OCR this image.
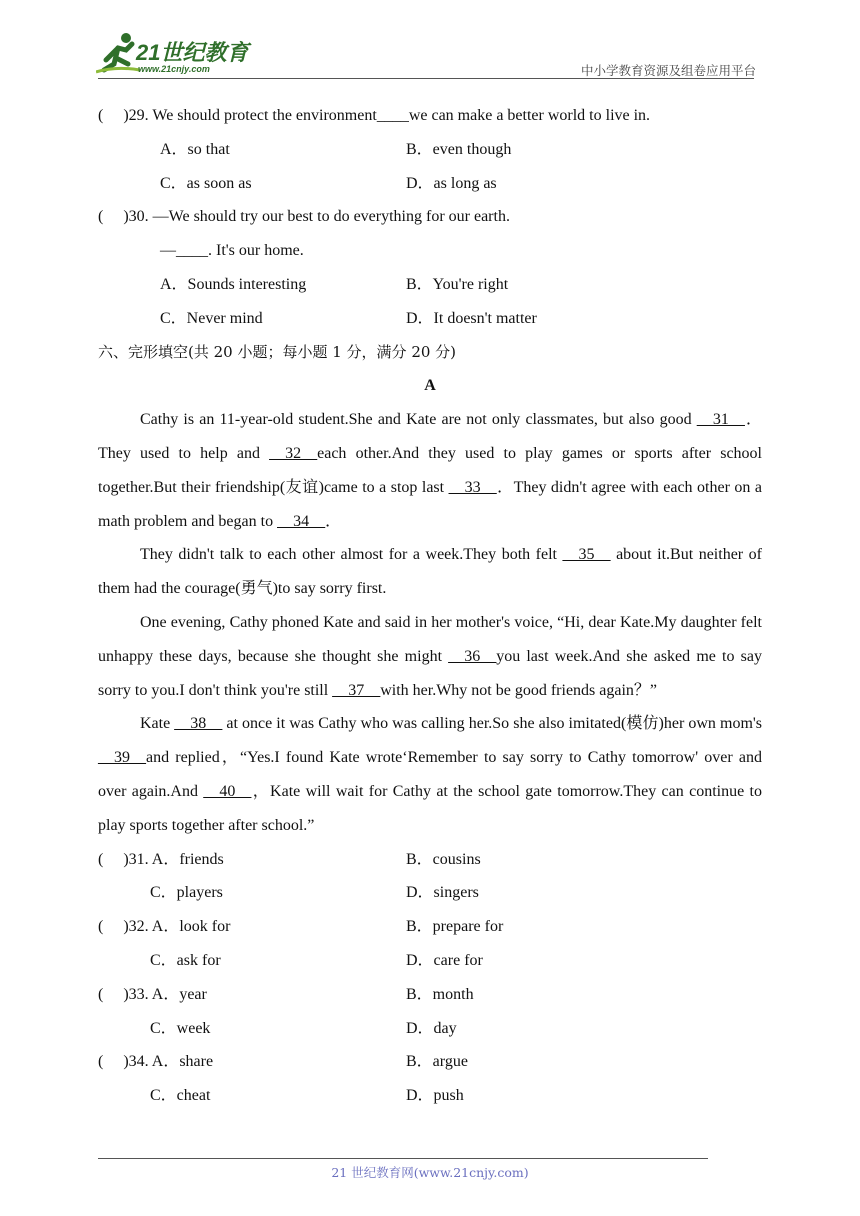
21世纪教育
www.21cnjy.com	中小学教育资源及组卷应用平台
(　 )29. We should protect the environment ____ we can make a better world to live in.
A．so that	B．even though
C．as soon as	D．as long as
(　 )30. —We should try our best to do everything for our earth.
—____. It's our home.
A．Sounds interesting	B．You're right
C．Never mind	D．It doesn't matter
六、完形填空(共 20 小题；每小题 1 分，满分 20 分)
A

Cathy is an 11-year-old student.She and Kate are not only classmates, but also good __31__．They used to help and __32__each other.And they used to play games or sports after school together.But their friendship(友谊)came to a stop last __33__．They didn't agree with each other on a math problem and began to __34__．

They didn't talk to each other almost for a week.They both felt __35__ about it.But neither of them had the courage(勇气)to say sorry first.

One evening, Cathy phoned Kate and said in her mother's voice, “Hi, dear Kate.My daughter felt unhappy these days, because she thought she might __36__you last week.And she asked me to say sorry to you.I don't think you're still __37__with her.Why not be good friends again？”

Kate __38__ at once it was Cathy who was calling her.So she also imitated(模仿)her own mom's __39__and replied，“Yes.I found Kate wrote‘Remember to say sorry to Cathy tomorrow' over and over again.And __40__，Kate will wait for Cathy at the school gate tomorrow.They can continue to play sports together after school.”

(　 )31. A．friends	B．cousins
C．players	D．singers
(　 )32. A．look for	B．prepare for
C．ask for	D．care for
(　 )33. A．year	B．month
C．week	D．day
(　 )34. A．share	B．argue
C．cheat	D．push
21 世纪教育网(www.21cnjy.com)
